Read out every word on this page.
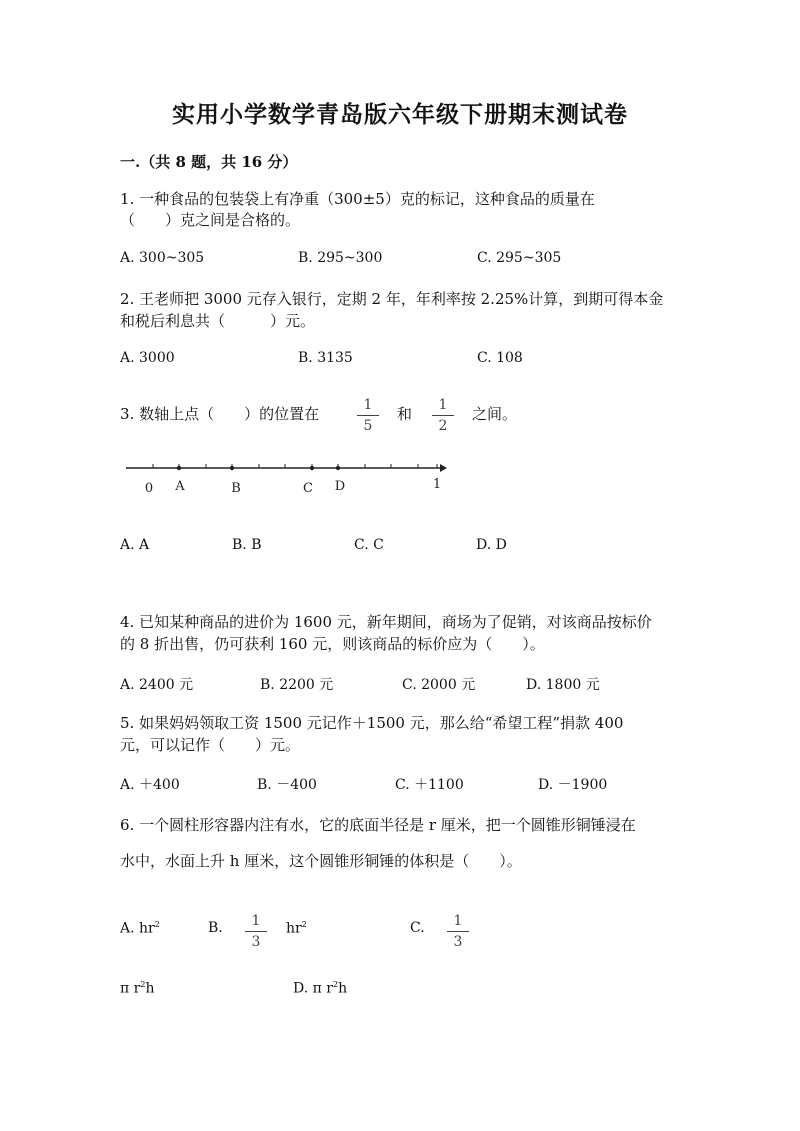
实用小学数学青岛版六年级下册期末测试卷
一.（共 8 题，共 16 分）
1. 一种食品的包装袋上有净重（300±5）克的标记，这种食品的质量在
（　　）克之间是合格的。
A. 300~305	B. 295~300	C. 295~305
2. 王老师把 3000 元存入银行，定期 2 年，年利率按 2.25%计算，到期可得本金
和税后利息共（　　　）元。
A. 3000	B. 3135	C. 108
3. 数轴上点（　　）的位置在	$\frac{1}{5}$ 和 $\frac{1}{2}$ 之间。
0 A	B	C D	1
A. A	B. B	C. C	D. D
4. 已知某种商品的进价为 1600 元，新年期间，商场为了促销，对该商品按标价
的 8 折出售，仍可获利 160 元，则该商品的标价应为（　　）。
A. 2400 元	B. 2200 元	C. 2000 元	D. 1800 元
5. 如果妈妈领取工资 1500 元记作＋1500 元，那么给“希望工程”捐款 400
元，可以记作（　　）元。
A. ＋400	B. －400	C. ＋1100	D. －1900
6. 一个圆柱形容器内注有水，它的底面半径是 r 厘米，把一个圆锥形铜锤浸在
水中，水面上升 h 厘米，这个圆锥形铜锤的体积是（　　）。
A. $hr^2$	B. $\frac{1}{3} hr^2$	C. $\frac{1}{3}$
π $r^2h$	D. π $r^2h$
